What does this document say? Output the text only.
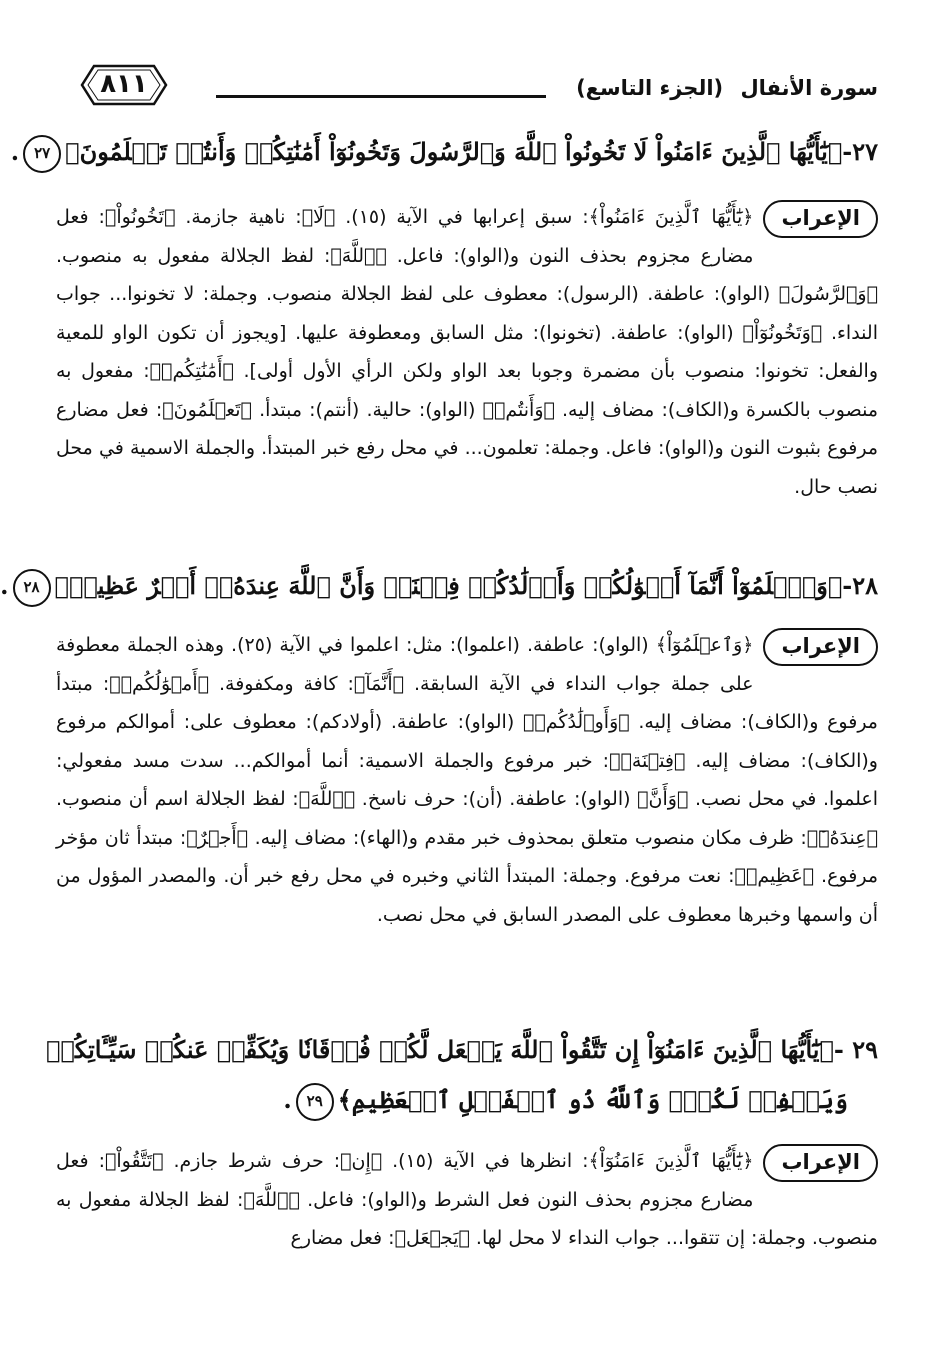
سورة الأنفال (الجزء التاسع)
٨١١
٢٧-﴿يَٰٓأَيُّهَا ٱلَّذِينَ ءَامَنُواْ لَا تَخُونُواْ ٱللَّهَ وَٱلرَّسُولَ وَتَخُونُوٓاْ أَمَٰنَٰتِكُمۡ وَأَنتُمۡ تَعۡلَمُونَ﴾٢٧.
الإعراب
﴿يَٰٓأَيُّهَا ٱلَّذِينَ ءَامَنُواْ﴾: سبق إعرابها في الآية (١٥). ﴿لَا﴾: ناهية جازمة. ﴿تَخُونُواْ﴾: فعل مضارع مجزوم بحذف النون و(الواو): فاعل. ﴿ٱللَّهَ﴾: لفظ الجلالة مفعول به منصوب. ﴿وَٱلرَّسُولَ﴾ (الواو): عاطفة. (الرسول): معطوف على لفظ الجلالة منصوب. وجملة: لا تخونوا... جواب النداء. ﴿وَتَخُونُوٓاْ﴾ (الواو): عاطفة. (تخونوا): مثل السابق ومعطوفة عليها. [ويجوز أن تكون الواو للمعية والفعل: تخونوا: منصوب بأن مضمرة وجوبا بعد الواو ولكن الرأي الأول أولى]. ﴿أَمَٰنَٰتِكُمۡ﴾: مفعول به منصوب بالكسرة و(الكاف): مضاف إليه. ﴿وَأَنتُمۡ﴾ (الواو): حالية. (أنتم): مبتدأ. ﴿تَعۡلَمُونَ﴾: فعل مضارع مرفوع بثبوت النون و(الواو): فاعل. وجملة: تعلمون... في محل رفع خبر المبتدأ. والجملة الاسمية في محل نصب حال.
٢٨-﴿وَٱعۡلَمُوٓاْ أَنَّمَآ أَمۡوَٰلُكُمۡ وَأَوۡلَٰدُكُمۡ فِتۡنَةٞ وَأَنَّ ٱللَّهَ عِندَهُۥٓ أَجۡرٌ عَظِيمٞ﴾٢٨.
الإعراب
﴿وَٱعۡلَمُوٓاْ﴾ (الواو): عاطفة. (اعلموا): مثل: اعلموا في الآية (٢٥). وهذه الجملة معطوفة على جملة جواب النداء في الآية السابقة. ﴿أَنَّمَآ﴾: كافة ومكفوفة. ﴿أَمۡوَٰلُكُمۡ﴾: مبتدأ مرفوع و(الكاف): مضاف إليه. ﴿وَأَوۡلَٰدُكُمۡ﴾ (الواو): عاطفة. (أولادكم): معطوف على: أموالكم مرفوع و(الكاف): مضاف إليه. ﴿فِتۡنَةٞ﴾: خبر مرفوع والجملة الاسمية: أنما أموالكم... سدت مسد مفعولي: اعلموا. في محل نصب. ﴿وَأَنَّ﴾ (الواو): عاطفة. (أن): حرف ناسخ. ﴿ٱللَّهَ﴾: لفظ الجلالة اسم أن منصوب. ﴿عِندَهُۥٓ﴾: ظرف مكان منصوب متعلق بمحذوف خبر مقدم و(الهاء): مضاف إليه. ﴿أَجۡرٌ﴾: مبتدأ ثان مؤخر مرفوع. ﴿عَظِيمٞ﴾: نعت مرفوع. وجملة: المبتدأ الثاني وخبره في محل رفع خبر أن. والمصدر المؤول من أن واسمها وخبرها معطوف على المصدر السابق في محل نصب.
٢٩ -﴿يَٰٓأَيُّهَا ٱلَّذِينَ ءَامَنُوٓاْ إِن تَتَّقُواْ ٱللَّهَ يَجۡعَل لَّكُمۡ فُرۡقَانٗا وَيُكَفِّرۡ عَنكُمۡ سَيِّـَٔاتِكُمۡ
وَيَغۡفِرۡ لَكُمۡۗ وَٱللَّهُ ذُو ٱلۡفَضۡلِ ٱلۡعَظِيمِ﴾٢٩.
الإعراب
﴿يَٰٓأَيُّهَا ٱلَّذِينَ ءَامَنُوٓاْ﴾: انظرها في الآية (١٥). ﴿إِن﴾: حرف شرط جازم. ﴿تَتَّقُواْ﴾: فعل مضارع مجزوم بحذف النون فعل الشرط و(الواو): فاعل. ﴿ٱللَّهَ﴾: لفظ الجلالة مفعول به منصوب. وجملة: إن تتقوا... جواب النداء لا محل لها. ﴿يَجۡعَل﴾: فعل مضارع
